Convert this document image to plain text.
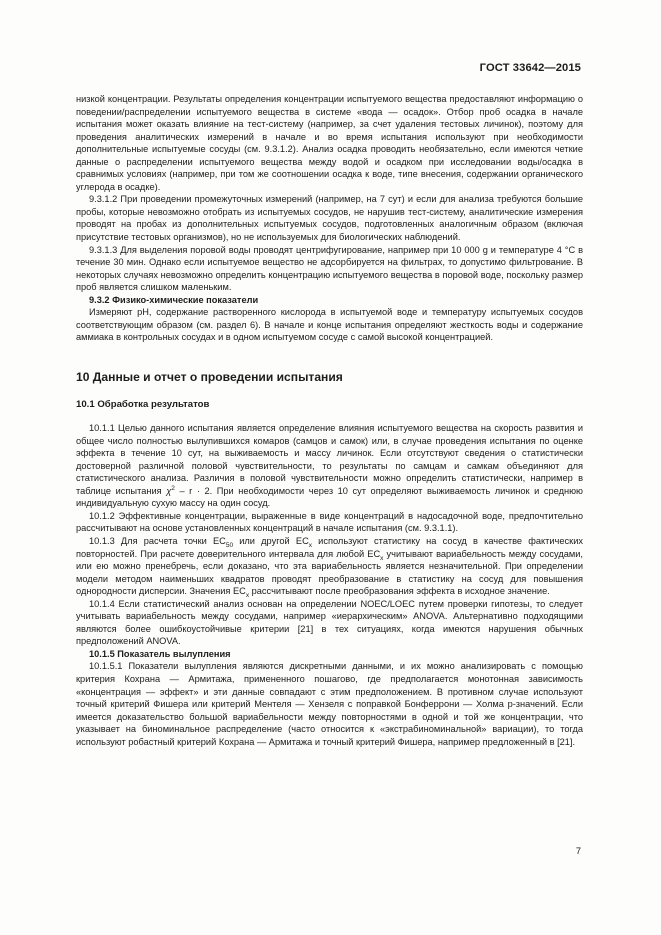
ГОСТ 33642—2015

низкой концентрации. Результаты определения концентрации испытуемого вещества предоставляют информацию о поведении/распределении испытуемого вещества в системе «вода — осадок». Отбор проб осадка в начале испытания может оказать влияние на тест-систему (например, за счет удаления тестовых личинок), поэтому для проведения аналитических измерений в начале и во время испытания используют при необходимости дополнительные испытуемые сосуды (см. 9.3.1.2). Анализ осадка проводить необязательно, если имеются четкие данные о распределении испытуемого вещества между водой и осадком при исследовании воды/осадка в сравнимых условиях (например, при том же соотношении осадка к воде, типе внесения, содержании органического углерода в осадке).

9.3.1.2 При проведении промежуточных измерений (например, на 7 сут) и если для анализа требуются большие пробы, которые невозможно отобрать из испытуемых сосудов, не нарушив тест-систему, аналитические измерения проводят на пробах из дополнительных испытуемых сосудов, подготовленных аналогичным образом (включая присутствие тестовых организмов), но не используемых для биологических наблюдений.

9.3.1.3 Для выделения поровой воды проводят центрифугирование, например при 10 000 g и температуре 4 °С в течение 30 мин. Однако если испытуемое вещество не адсорбируется на фильтрах, то допустимо фильтрование. В некоторых случаях невозможно определить концентрацию испытуемого вещества в поровой воде, поскольку размер проб является слишком маленьким.

9.3.2 Физико-химические показатели

Измеряют pH, содержание растворенного кислорода в испытуемой воде и температуру испытуемых сосудов соответствующим образом (см. раздел 6). В начале и конце испытания определяют жесткость воды и содержание аммиака в контрольных сосудах и в одном испытуемом сосуде с самой высокой концентрацией.

10 Данные и отчет о проведении испытания
10.1 Обработка результатов

10.1.1 Целью данного испытания является определение влияния испытуемого вещества на скорость развития и общее число полностью вылупившихся комаров (самцов и самок) или, в случае проведения испытания по оценке эффекта в течение 10 сут, на выживаемость и массу личинок. Если отсутствуют сведения о статистически достоверной различной половой чувствительности, то результаты по самцам и самкам объединяют для статистического анализа. Различия в половой чувствительности можно определить статистически, например в таблице испытания $\chi^2 - r \cdot 2$. При необходимости через 10 сут определяют выживаемость личинок и среднюю индивидуальную сухую массу на один сосуд.

10.1.2 Эффективные концентрации, выраженные в виде концентраций в надосадочной воде, предпочтительно рассчитывают на основе установленных концентраций в начале испытания (см. 9.3.1.1).

10.1.3 Для расчета точки $EC_{50}$ или другой $EC_x$ используют статистику на сосуд в качестве фактических повторностей. При расчете доверительного интервала для любой $EC_x$ учитывают вариабельность между сосудами, или ею можно пренебречь, если доказано, что эта вариабельность является незначительной. При определении модели методом наименьших квадратов проводят преобразование в статистику на сосуд для повышения однородности дисперсии. Значения $EC_x$ рассчитывают после преобразования эффекта в исходное значение.

10.1.4 Если статистический анализ основан на определении NOEC/LOEC путем проверки гипотезы, то следует учитывать вариабельность между сосудами, например «иерархическим» ANOVA. Альтернативно подходящими являются более ошибкоустойчивые критерии [21] в тех ситуациях, когда имеются нарушения обычных предположений ANOVA.

10.1.5 Показатель вылупления

10.1.5.1 Показатели вылупления являются дискретными данными, и их можно анализировать с помощью критерия Кохрана — Армитажа, примененного пошагово, где предполагается монотонная зависимость «концентрация — эффект» и эти данные совпадают с этим предположением. В противном случае используют точный критерий Фишера или критерий Ментеля — Хензеля с поправкой Бонферрони — Холма p-значений. Если имеется доказательство большой вариабельности между повторностями в одной и той же концентрации, что указывает на биноминальное распределение (часто относится к «экстрабиноминальной» вариации), то тогда используют робастный критерий Кохрана — Армитажа и точный критерий Фишера, например предложенный в [21].

7
